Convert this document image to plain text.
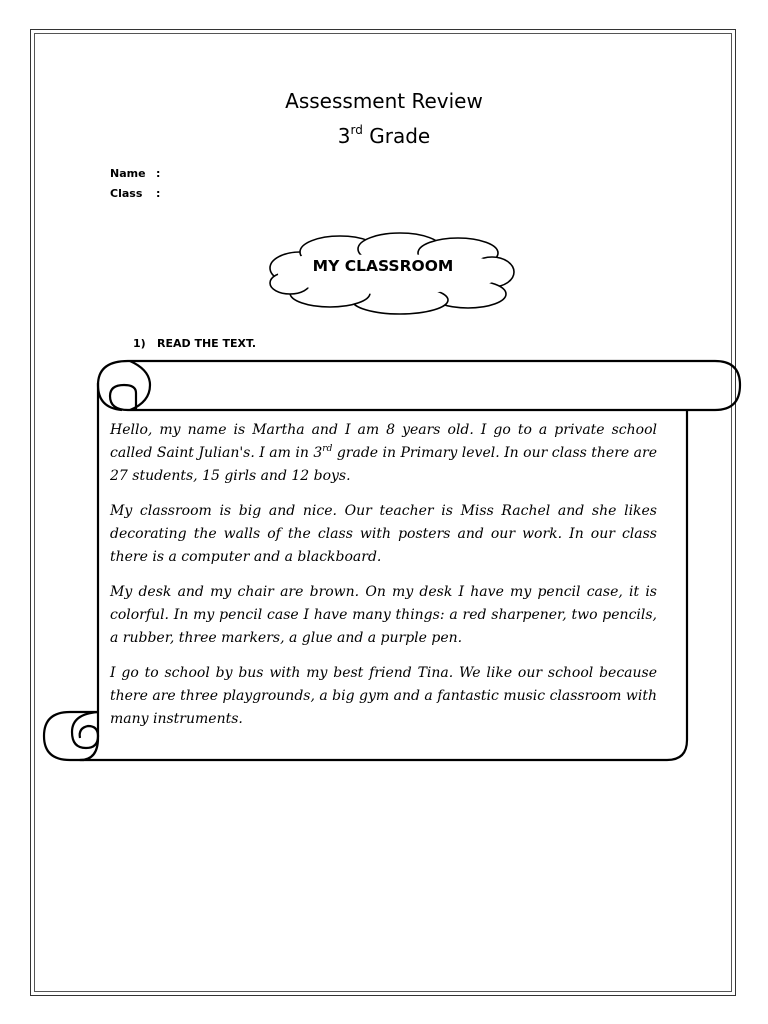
Assessment Review
3rd Grade
Name :
Class :
MY CLASSROOM
1) READ THE TEXT.

Hello, my name is Martha and I am 8 years old. I go to a private school called Saint Julian's. I am in 3rd grade in Primary level. In our class there are 27 students, 15 girls and 12 boys.

My classroom is big and nice. Our teacher is Miss Rachel and she likes decorating the walls of the class with posters and our work. In our class there is a computer and a blackboard.

My desk and my chair are brown. On my desk I have my pencil case, it is colorful. In my pencil case I have many things: a red sharpener, two pencils, a rubber, three markers, a glue and a purple pen.

I go to school by bus with my best friend Tina. We like our school because there are three playgrounds, a big gym and a fantastic music classroom with many instruments.
